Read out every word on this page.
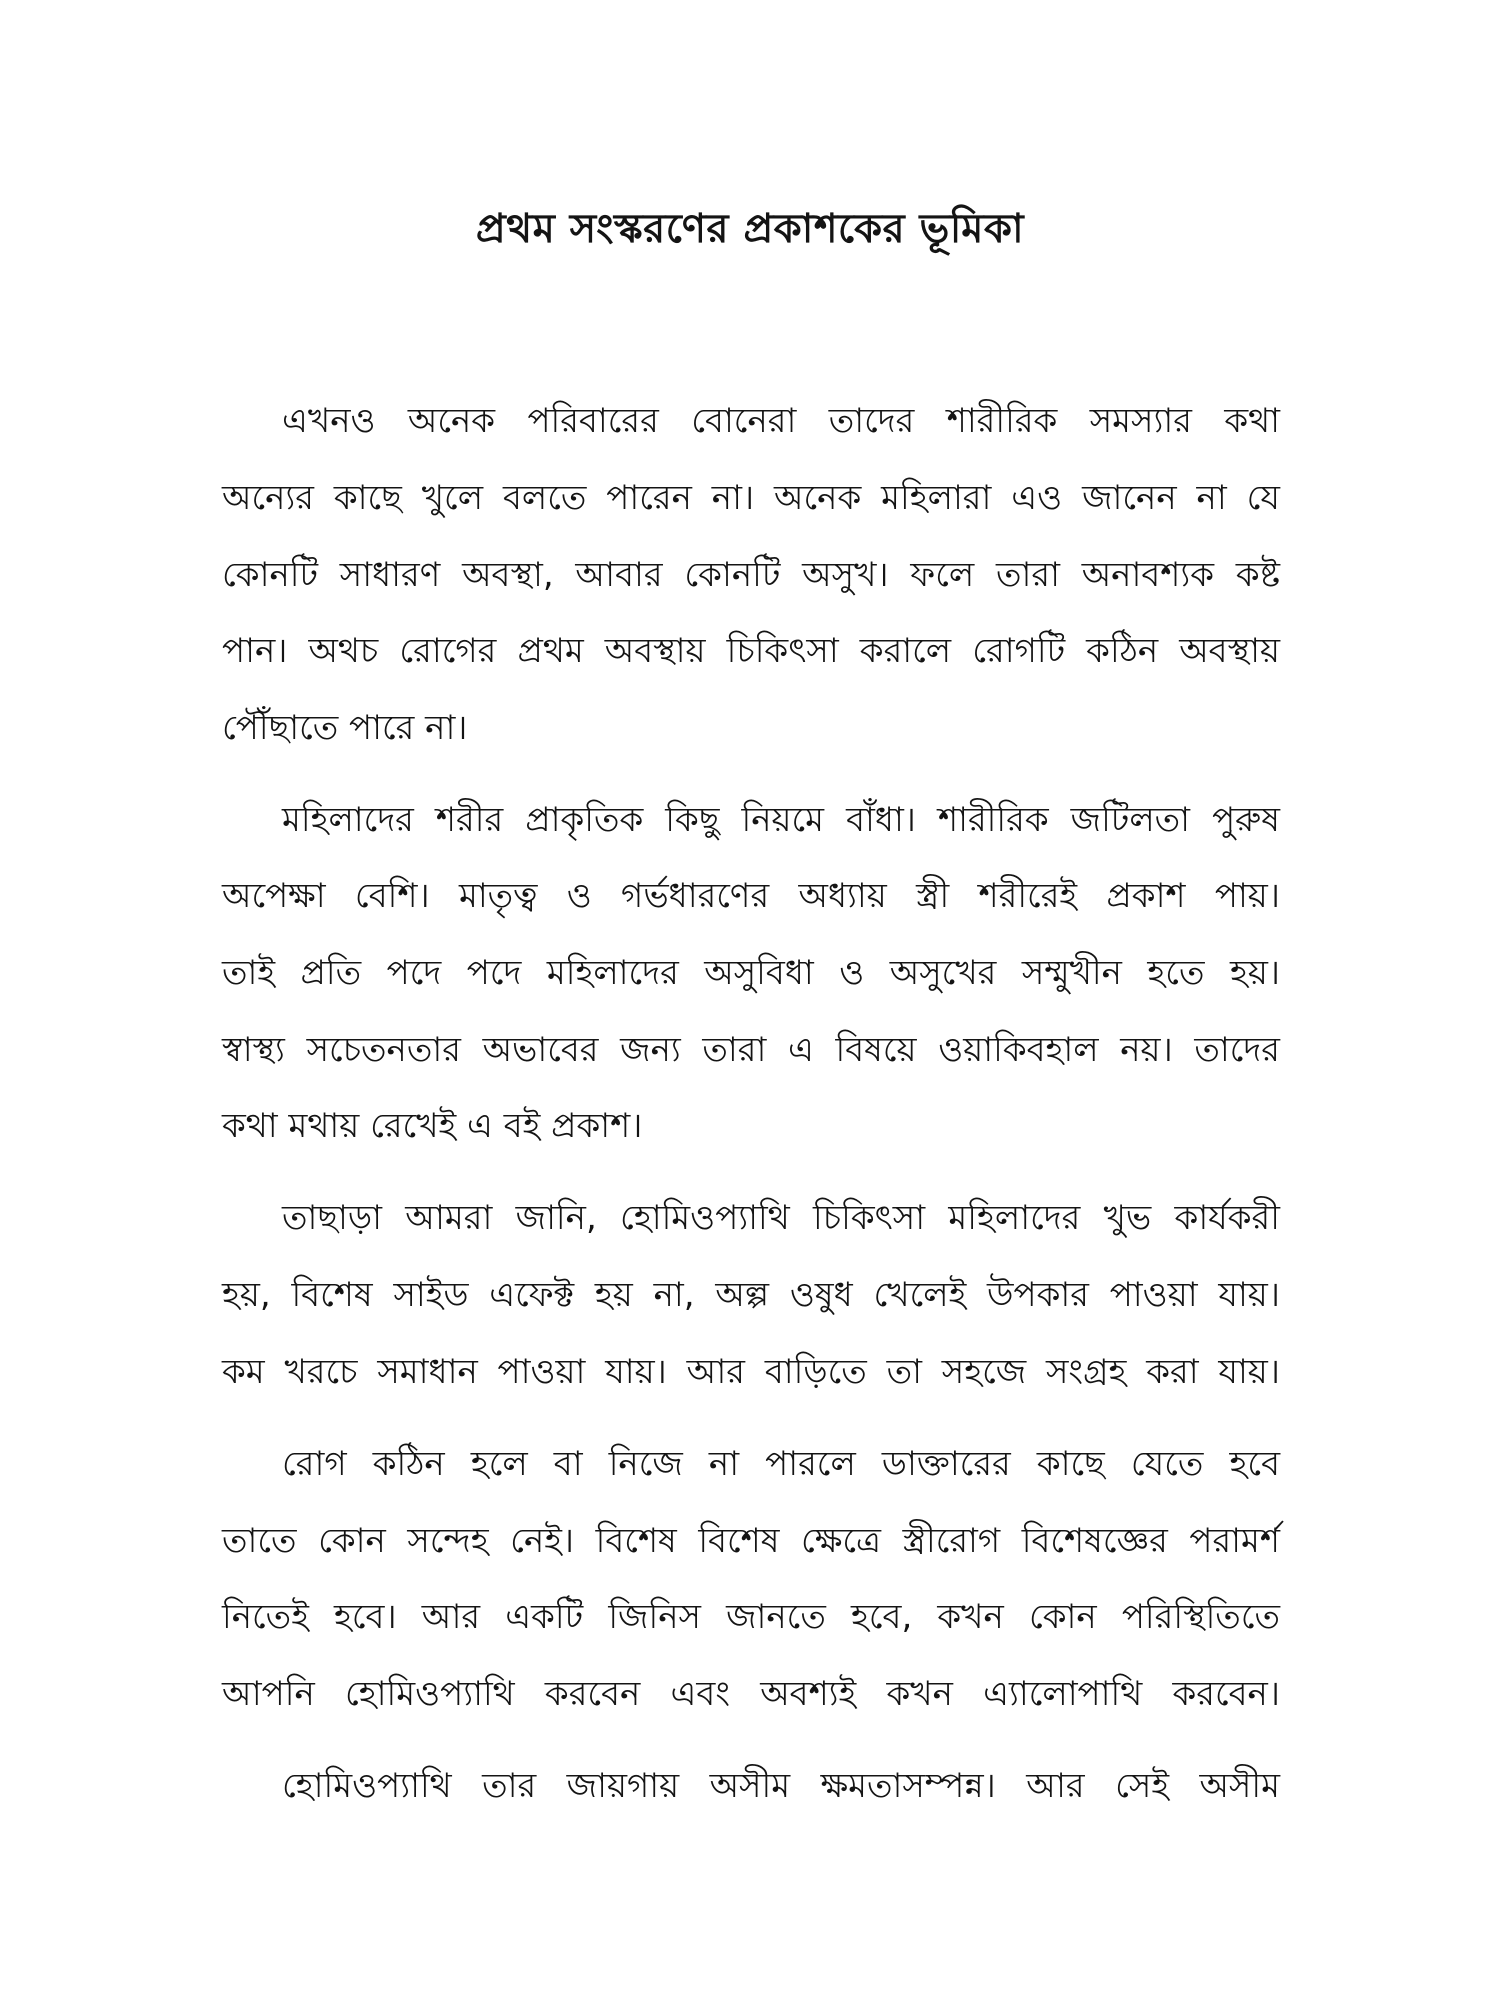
প্রথম সংস্করণের প্রকাশকের ভূমিকা

এখনও অনেক পরিবারের বোনেরা তাদের শারীরিক সমস্যার কথা

অন্যের কাছে খুলে বলতে পারেন না। অনেক মহিলারা এও জানেন না যে

কোনটি সাধারণ অবস্থা, আবার কোনটি অসুখ। ফলে তারা অনাবশ্যক কষ্ট

পান। অথচ রোগের প্রথম অবস্থায় চিকিৎসা করালে রোগটি কঠিন অবস্থায়

পৌঁছাতে পারে না।

মহিলাদের শরীর প্রাকৃতিক কিছু নিয়মে বাঁধা। শারীরিক জটিলতা পুরুষ

অপেক্ষা বেশি। মাতৃত্ব ও গর্ভধারণের অধ্যায় স্ত্রী শরীরেই প্রকাশ পায়।

তাই প্রতি পদে পদে মহিলাদের অসুবিধা ও অসুখের সম্মুখীন হতে হয়।

স্বাস্থ্য সচেতনতার অভাবের জন্য তারা এ বিষয়ে ওয়াকিবহাল নয়। তাদের

কথা মথায় রেখেই এ বই প্রকাশ।

তাছাড়া আমরা জানি, হোমিওপ্যাথি চিকিৎসা মহিলাদের খুভ কার্যকরী

হয়, বিশেষ সাইড এফেক্ট হয় না, অল্প ওষুধ খেলেই উপকার পাওয়া যায়।

কম খরচে সমাধান পাওয়া যায়। আর বাড়িতে তা সহজে সংগ্রহ করা যায়।

রোগ কঠিন হলে বা নিজে না পারলে ডাক্তারের কাছে যেতে হবে

তাতে কোন সন্দেহ নেই। বিশেষ বিশেষ ক্ষেত্রে স্ত্রীরোগ বিশেষজ্ঞের পরামর্শ

নিতেই হবে। আর একটি জিনিস জানতে হবে, কখন কোন পরিস্থিতিতে

আপনি হোমিওপ্যাথি করবেন এবং অবশ্যই কখন এ্যালোপাথি করবেন।

হোমিওপ্যাথি তার জায়গায় অসীম ক্ষমতাসম্পন্ন। আর সেই অসীম
